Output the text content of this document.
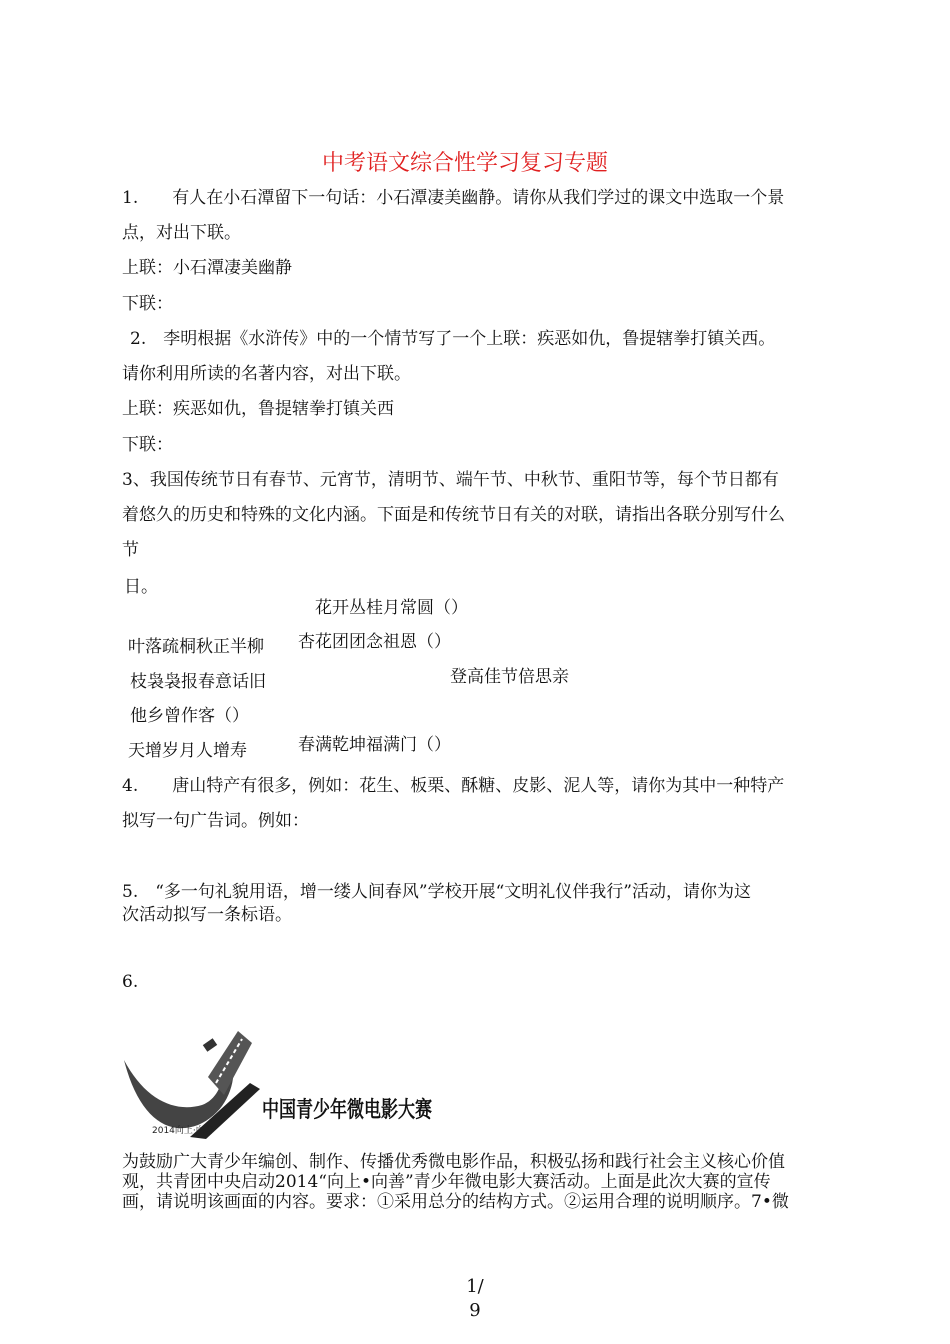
中考语文综合性学习复习专题
1.　　有人在小石潭留下一句话：小石潭凄美幽静。请你从我们学过的课文中选取一个景
点，对出下联。
上联：小石潭凄美幽静
下联：
2.　李明根据《水浒传》中的一个情节写了一个上联：疾恶如仇，鲁提辖拳打镇关西。
请你利用所读的名著内容，对出下联。
上联：疾恶如仇，鲁提辖拳打镇关西
下联：
3、我国传统节日有春节、元宵节，清明节、端午节、中秋节、重阳节等，每个节日都有
着悠久的历史和特殊的文化内涵。下面是和传统节日有关的对联，请指出各联分别写什么
节
日。
花开丛桂月常圆（）
叶落疏桐秋正半柳 杏花团团念祖恩（）
枝袅袅报春意话旧	登高佳节倍思亲
他乡曾作客（）
天增岁月人增寿	春满乾坤福满门（）
4.　　唐山特产有很多，例如：花生、板栗、酥糖、皮影、泥人等，请你为其中一种特产
拟写一句广告词。例如：
5.　“多一句礼貌用语，增一缕人间春风”学校开展“文明礼仪伴我行”活动，请你为这
次活动拟写一条标语。
6.
2014向上·向善
中国青少年微电影大赛
为鼓励广大青少年编创、制作、传播优秀微电影作品，积极弘扬和践行社会主义核心价值
观，共青团中央启动2014“向上•向善”青少年微电影大赛活动。上面是此次大赛的宣传
画，请说明该画面的内容。要求：①采用总分的结构方式。②运用合理的说明顺序。7•微
1/
9
